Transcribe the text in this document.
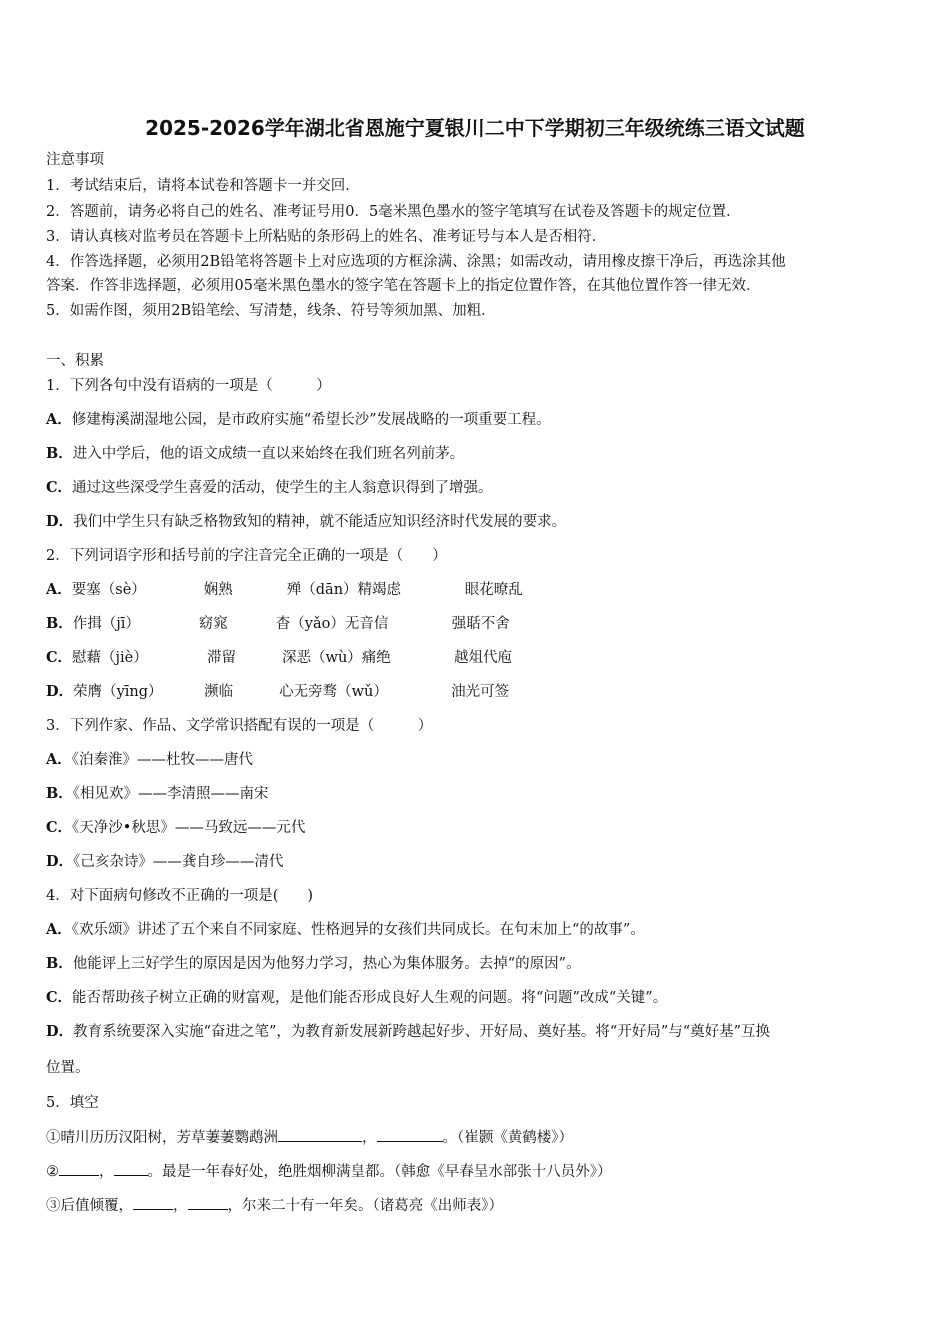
2025-2026学年湖北省恩施宁夏银川二中下学期初三年级统练三语文试题
注意事项
1．考试结束后，请将本试卷和答题卡一并交回．
2．答题前，请务必将自己的姓名、准考证号用0．5毫米黑色墨水的签字笔填写在试卷及答题卡的规定位置．
3．请认真核对监考员在答题卡上所粘贴的条形码上的姓名、准考证号与本人是否相符．
4．作答选择题，必须用2B铅笔将答题卡上对应选项的方框涂满、涂黑；如需改动，请用橡皮擦干净后，再选涂其他
答案．作答非选择题，必须用05毫米黑色墨水的签字笔在答题卡上的指定位置作答，在其他位置作答一律无效．
5．如需作图，须用2B铅笔绘、写清楚，线条、符号等须加黑、加粗．
一、积累
1．下列各句中没有语病的一项是（　　　）
A．修建梅溪湖湿地公园，是市政府实施“希望长沙”发展战略的一项重要工程。
B．进入中学后，他的语文成绩一直以来始终在我们班名列前茅。
C．通过这些深受学生喜爱的活动，使学生的主人翁意识得到了增强。
D．我们中学生只有缺乏格物致知的精神，就不能适应知识经济时代发展的要求。
2．下列词语字形和括号前的字注音完全正确的一项是（　　）
A．要塞（sè）	娴熟	殚（dān）精竭虑	眼花暸乱
B．作揖（jī）	窈窕	杳（yǎo）无音信	强聒不舍
C．慰藉（jiè）	滞留	深恶（wù）痛绝	越俎代庖
D．荣膺（yīng）	濒临	心无旁骛（wǔ）	油光可签
3．下列作家、作品、文学常识搭配有误的一项是（　　　）
A．《泊秦淮》——杜牧——唐代
B．《相见欢》——李清照——南宋
C．《天净沙•秋思》——马致远——元代
D．《己亥杂诗》——龚自珍——清代
4．对下面病句修改不正确的一项是(　　)
A．《欢乐颂》讲述了五个来自不同家庭、性格迥异的女孩们共同成长。在句末加上“的故事”。
B．他能评上三好学生的原因是因为他努力学习，热心为集体服务。去掉“的原因”。
C．能否帮助孩子树立正确的财富观，是他们能否形成良好人生观的问题。将“问题”改成“关键”。
D．教育系统要深入实施“奋进之笔”，为教育新发展新跨越起好步、开好局、奠好基。将“开好局”与“奠好基”互换
位置。
5．填空
①晴川历历汉阳树，芳草萋萋鹦鹉洲	，	。（崔颢《黄鹤楼》）
②	， 。最是一年春好处，绝胜烟柳满皇都。（韩愈《早春呈水部张十八员外》）
③后值倾覆，	，	，尔来二十有一年矣。（诸葛亮《出师表》）
